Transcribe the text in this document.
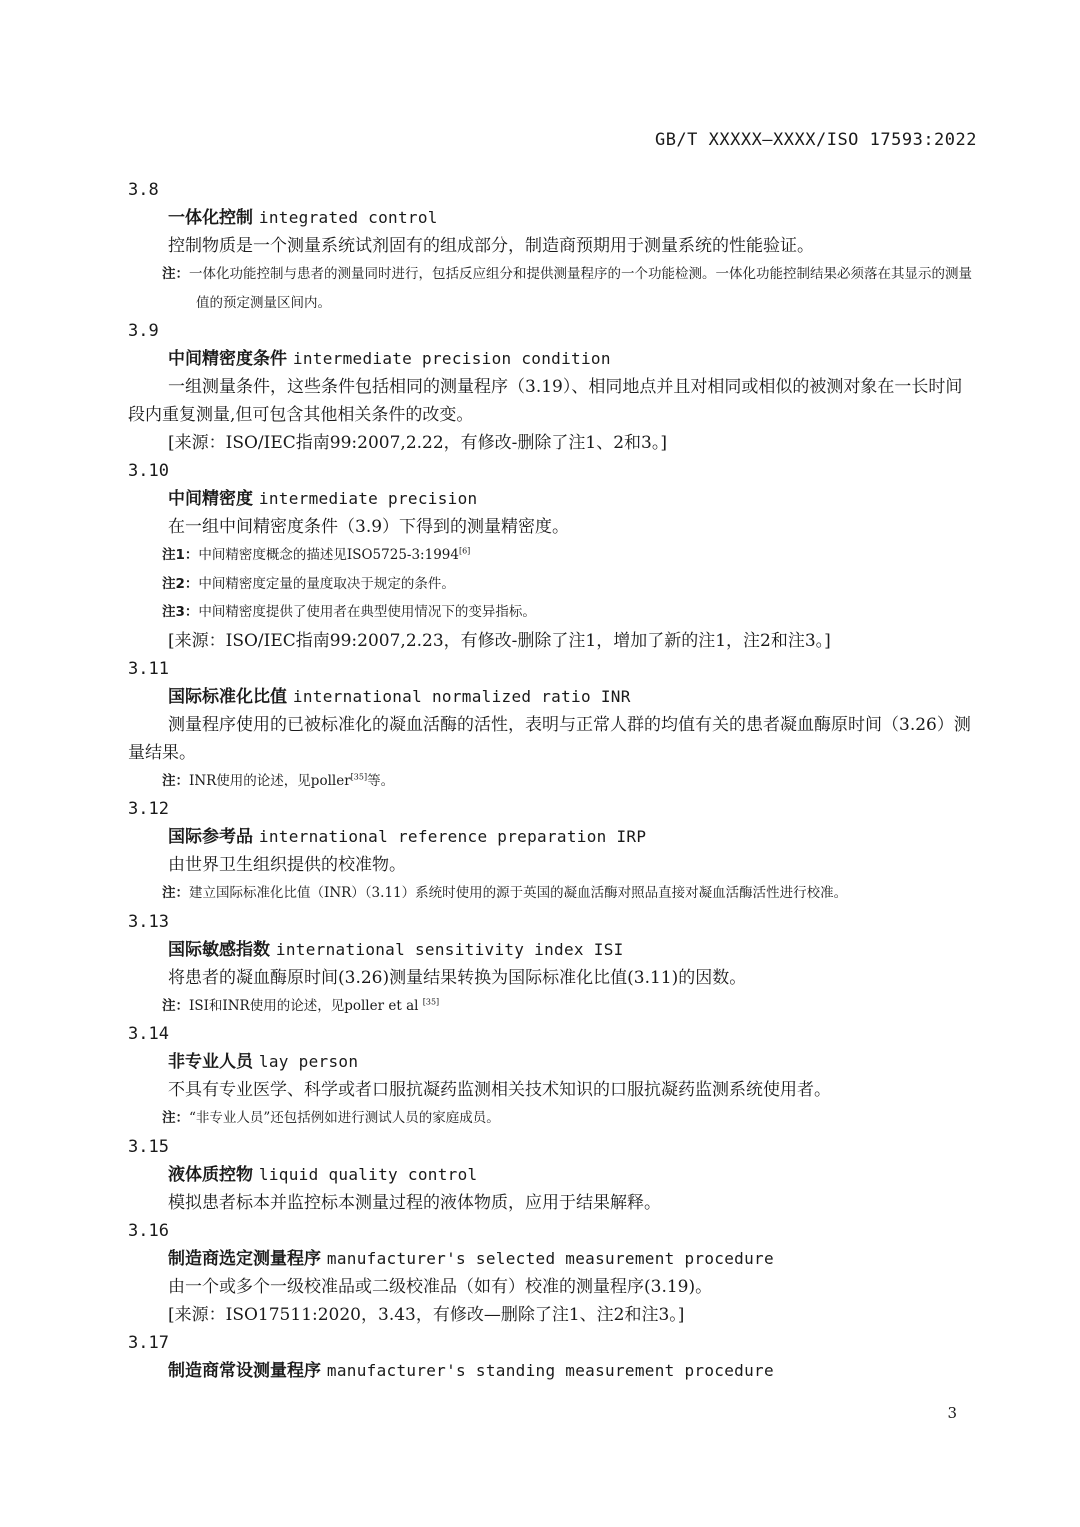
GB/T XXXXX—XXXX/ISO 17593:2022
3.8
一体化控制 integrated control
控制物质是一个测量系统试剂固有的组成部分，制造商预期用于测量系统的性能验证。
注：一体化功能控制与患者的测量同时进行，包括反应组分和提供测量程序的一个功能检测。一体化功能控制结果必须落在其显示的测量值的预定测量区间内。
3.9
中间精密度条件 intermediate precision condition
一组测量条件，这些条件包括相同的测量程序（3.19）、相同地点并且对相同或相似的被测对象在一长时间段内重复测量,但可包含其他相关条件的改变。
[来源：ISO/IEC指南99:2007,2.22，有修改-删除了注1、2和3。]
3.10
中间精密度 intermediate precision
在一组中间精密度条件（3.9）下得到的测量精密度。
注1：中间精密度概念的描述见ISO5725-3:1994[6]
注2：中间精密度定量的量度取决于规定的条件。
注3：中间精密度提供了使用者在典型使用情况下的变异指标。
[来源：ISO/IEC指南99:2007,2.23，有修改-删除了注1，增加了新的注1，注2和注3。]
3.11
国际标准化比值 international normalized ratio INR
测量程序使用的已被标准化的凝血活酶的活性，表明与正常人群的均值有关的患者凝血酶原时间（3.26）测量结果。
注：INR使用的论述，见poller[35]等。
3.12
国际参考品 international reference preparation IRP
由世界卫生组织提供的校准物。
注：建立国际标准化比值（INR）（3.11）系统时使用的源于英国的凝血活酶对照品直接对凝血活酶活性进行校准。
3.13
国际敏感指数 international sensitivity index ISI
将患者的凝血酶原时间(3.26)测量结果转换为国际标准化比值(3.11)的因数。
注：ISI和INR使用的论述，见poller et al [35]
3.14
非专业人员 lay person
不具有专业医学、科学或者口服抗凝药监测相关技术知识的口服抗凝药监测系统使用者。
注：“非专业人员”还包括例如进行测试人员的家庭成员。
3.15
液体质控物 liquid quality control
模拟患者标本并监控标本测量过程的液体物质，应用于结果解释。
3.16
制造商选定测量程序 manufacturer's selected measurement procedure
由一个或多个一级校准品或二级校准品（如有）校准的测量程序(3.19)。
[来源：ISO17511:2020，3.43，有修改—删除了注1、注2和注3。]
3.17
制造商常设测量程序 manufacturer's standing measurement procedure
3
